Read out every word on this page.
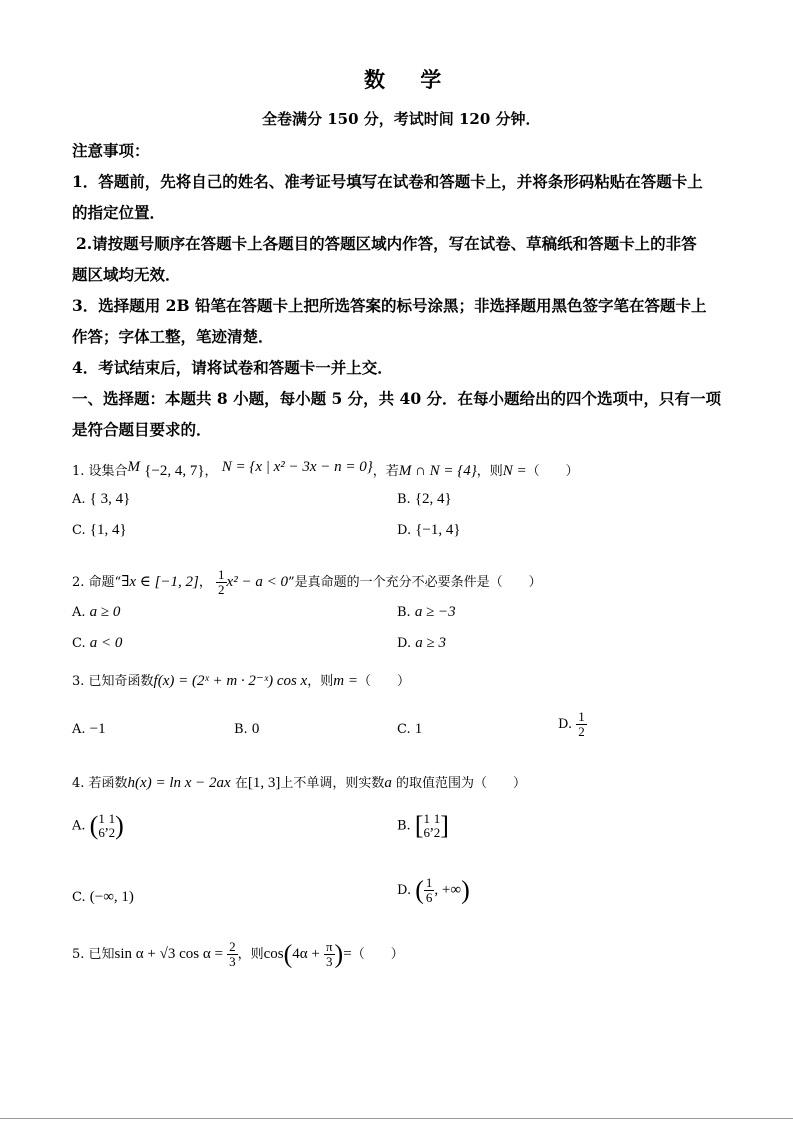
数 学
全卷满分 150 分，考试时间 120 分钟．
注意事项：
1．答题前，先将自己的姓名、准考证号填写在试卷和答题卡上，并将条形码粘贴在答题卡上
的指定位置．
2.请按题号顺序在答题卡上各题目的答题区域内作答，写在试卷、草稿纸和答题卡上的非答
题区域均无效．
3．选择题用 2B 铅笔在答题卡上把所选答案的标号涂黑；非选择题用黑色签字笔在答题卡上
作答；字体工整，笔迹清楚．
4．考试结束后，请将试卷和答题卡一并上交．
一、选择题：本题共 8 小题，每小题 5 分，共 40 分．在每小题给出的四个选项中，只有一项
是符合题目要求的．
1. 设集合M {−2, 4, 7}， N = {x | x² − 3x − n = 0}，若M ∩ N = {4}，则N =（　　）
A. { 3, 4}	B. {2, 4}
C. {1, 4}	D. {−1, 4}
2. 命题“∃x ∈ [−1, 2]， $\frac{1}{2} x^2 - a < 0$”是真命题的一个充分不必要条件是（　　）
A. a ≥ 0	B. a ≥ −3
C. a < 0	D. a ≥ 3
3. 已知奇函数f(x) = (2ˣ + m · 2⁻ˣ) cos x，则m =（　　）
A. −1	B. 0	C. 1	D. $\frac{1}{2}$
4. 若函数h(x) = ln x − 2ax 在[1, 3]上不单调，则实数a 的取值范围为（　　）
A. ( 1
6 , 1
2 )	B. [ 1
6 , 1
2 ]
C. (−∞, 1)	D. ( $\frac{1}{6}$ , +∞)
5. 已知sin α + √3 $\cos \alpha = \frac{2}{3}$ ，则$\cos(4\alpha + \frac{\pi}{3}$ )=（　　）
